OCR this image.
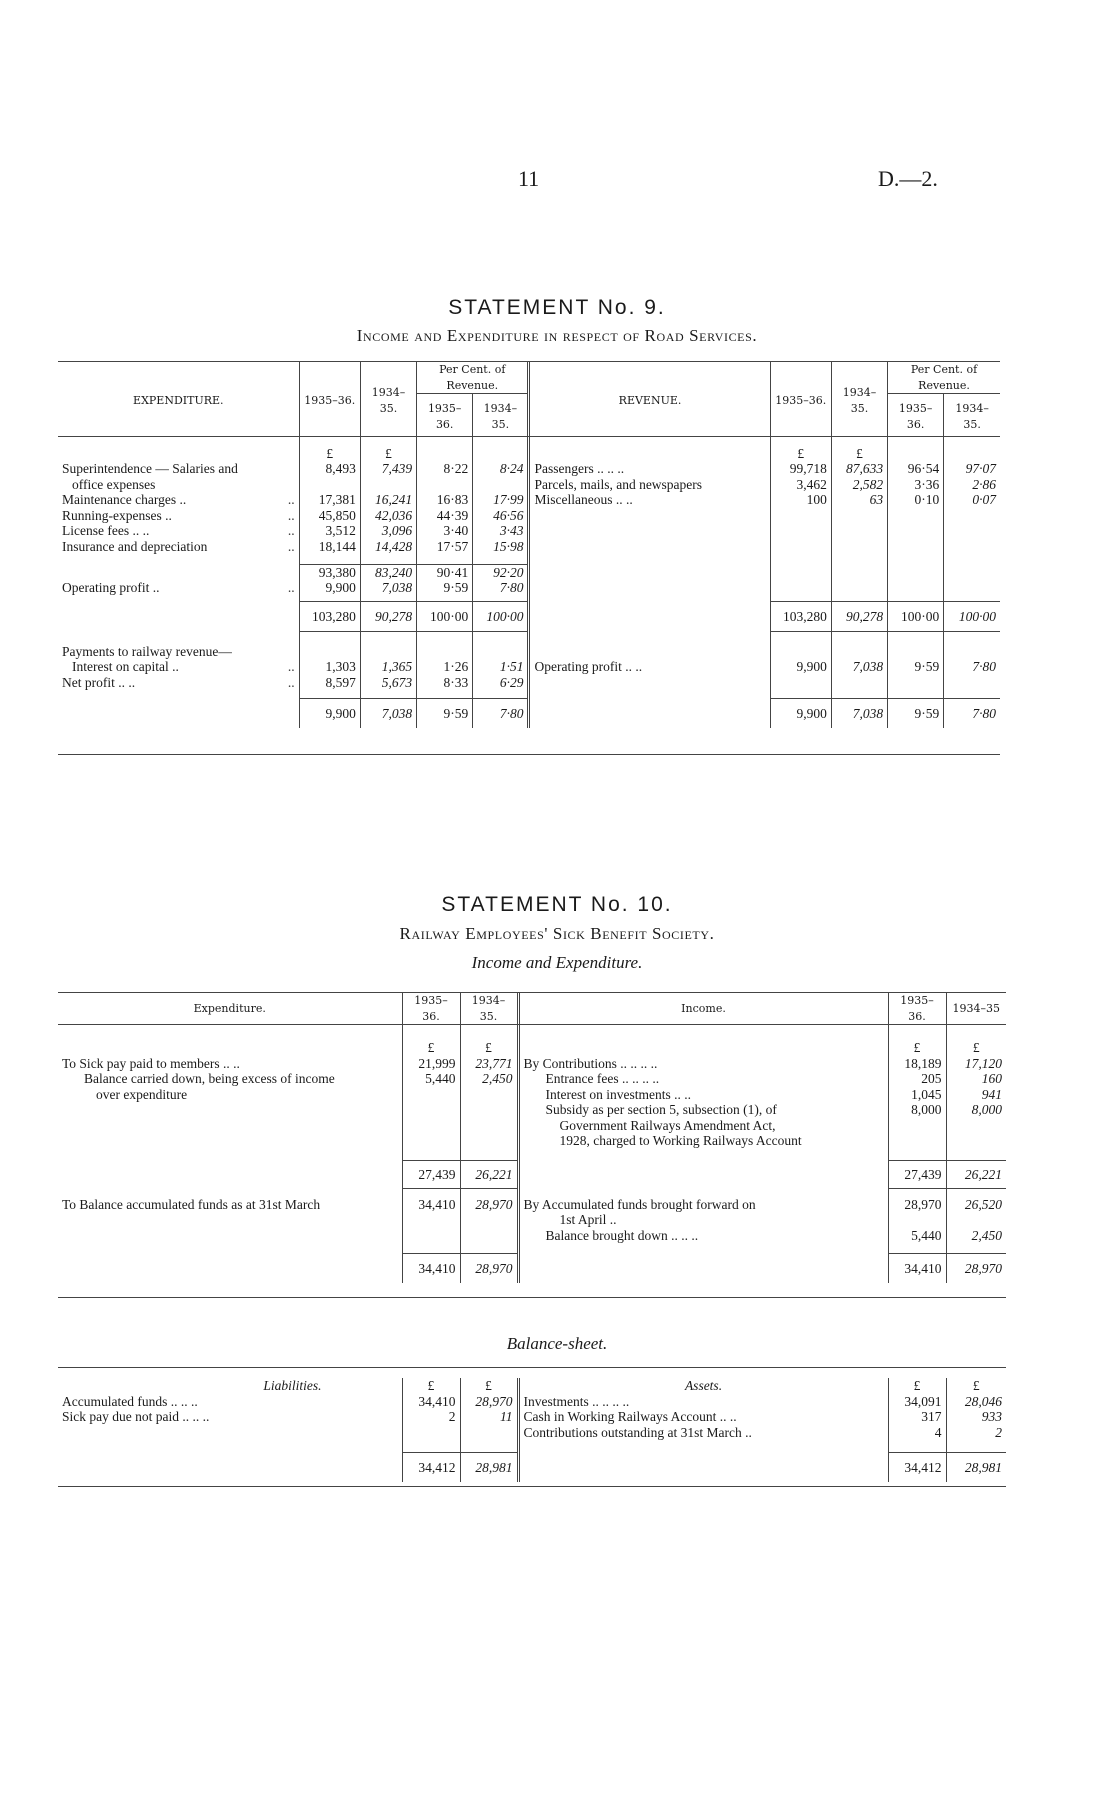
11	D.—2.
STATEMENT No. 9.
Income and Expenditure in respect of Road Services.
EXPENDITURE.	1935–36.	1934–35.	Per Cent. of Revenue.		REVENUE.	1935–36.	1934–35.	Per Cent. of Revenue.	
			1935–36.	1934–35.				1935–36.	1934–35.

	£	£				£	£		
Superintendence — Salaries and	8,493	7,439	8·22	8·24	Passengers .. .. ..	99,718	87,633	96·54	97·07
office expenses					Parcels, mails, and newspapers	3,462	2,582	3·36	2·86
Maintenance charges .. ..	17,381	16,241	16·83	17·99	Miscellaneous .. ..	100	63	0·10	0·07
Running-expenses .. ..	45,850	42,036	44·39	46·56					
License fees .. .. ..	3,512	3,096	3·40	3·43					
Insurance and depreciation ..	18,144	14,428	17·57	15·98					

	93,380	83,240	90·41	92·20					
Operating profit .. ..	9,900	7,038	9·59	7·80					

	103,280	90,278	100·00	100·00		103,280	90,278	100·00	100·00

Payments to railway revenue—									
Interest on capital .. ..	1,303	1,365	1·26	1·51	Operating profit .. ..	9,900	7,038	9·59	7·80
Net profit .. .. ..	8,597	5,673	8·33	6·29					

	9,900	7,038	9·59	7·80		9,900	7,038	9·59	7·80
STATEMENT No. 10.
Railway Employees' Sick Benefit Society.
Income and Expenditure.
Expenditure.	1935–36.	1934–35.	Income.	1935–36.	1934–35

	£	£		£	£
To Sick pay paid to members .. ..	21,999	23,771	By Contributions .. .. .. ..	18,189	17,120
Balance carried down, being excess of income	5,440	2,450	Entrance fees .. .. .. ..	205	160
over expenditure			Interest on investments .. ..	1,045	941
			Subsidy as per section 5, subsection (1), of	8,000	8,000
			Government Railways Amendment Act,		
			1928, charged to Working Railways Account		

	27,439	26,221		27,439	26,221

To Balance accumulated funds as at 31st March	34,410	28,970	By Accumulated funds brought forward on	28,970	26,520
			1st April ..		
			Balance brought down .. .. ..	5,440	2,450

	34,410	28,970		34,410	28,970
Balance-sheet.
Liabilities.	£	£	Assets.	£	£
Accumulated funds .. .. ..	34,410	28,970	Investments .. .. .. ..	34,091	28,046
Sick pay due not paid .. .. ..	2	11	Cash in Working Railways Account .. ..	317	933
			Contributions outstanding at 31st March ..	4	2

	34,412	28,981		34,412	28,981
